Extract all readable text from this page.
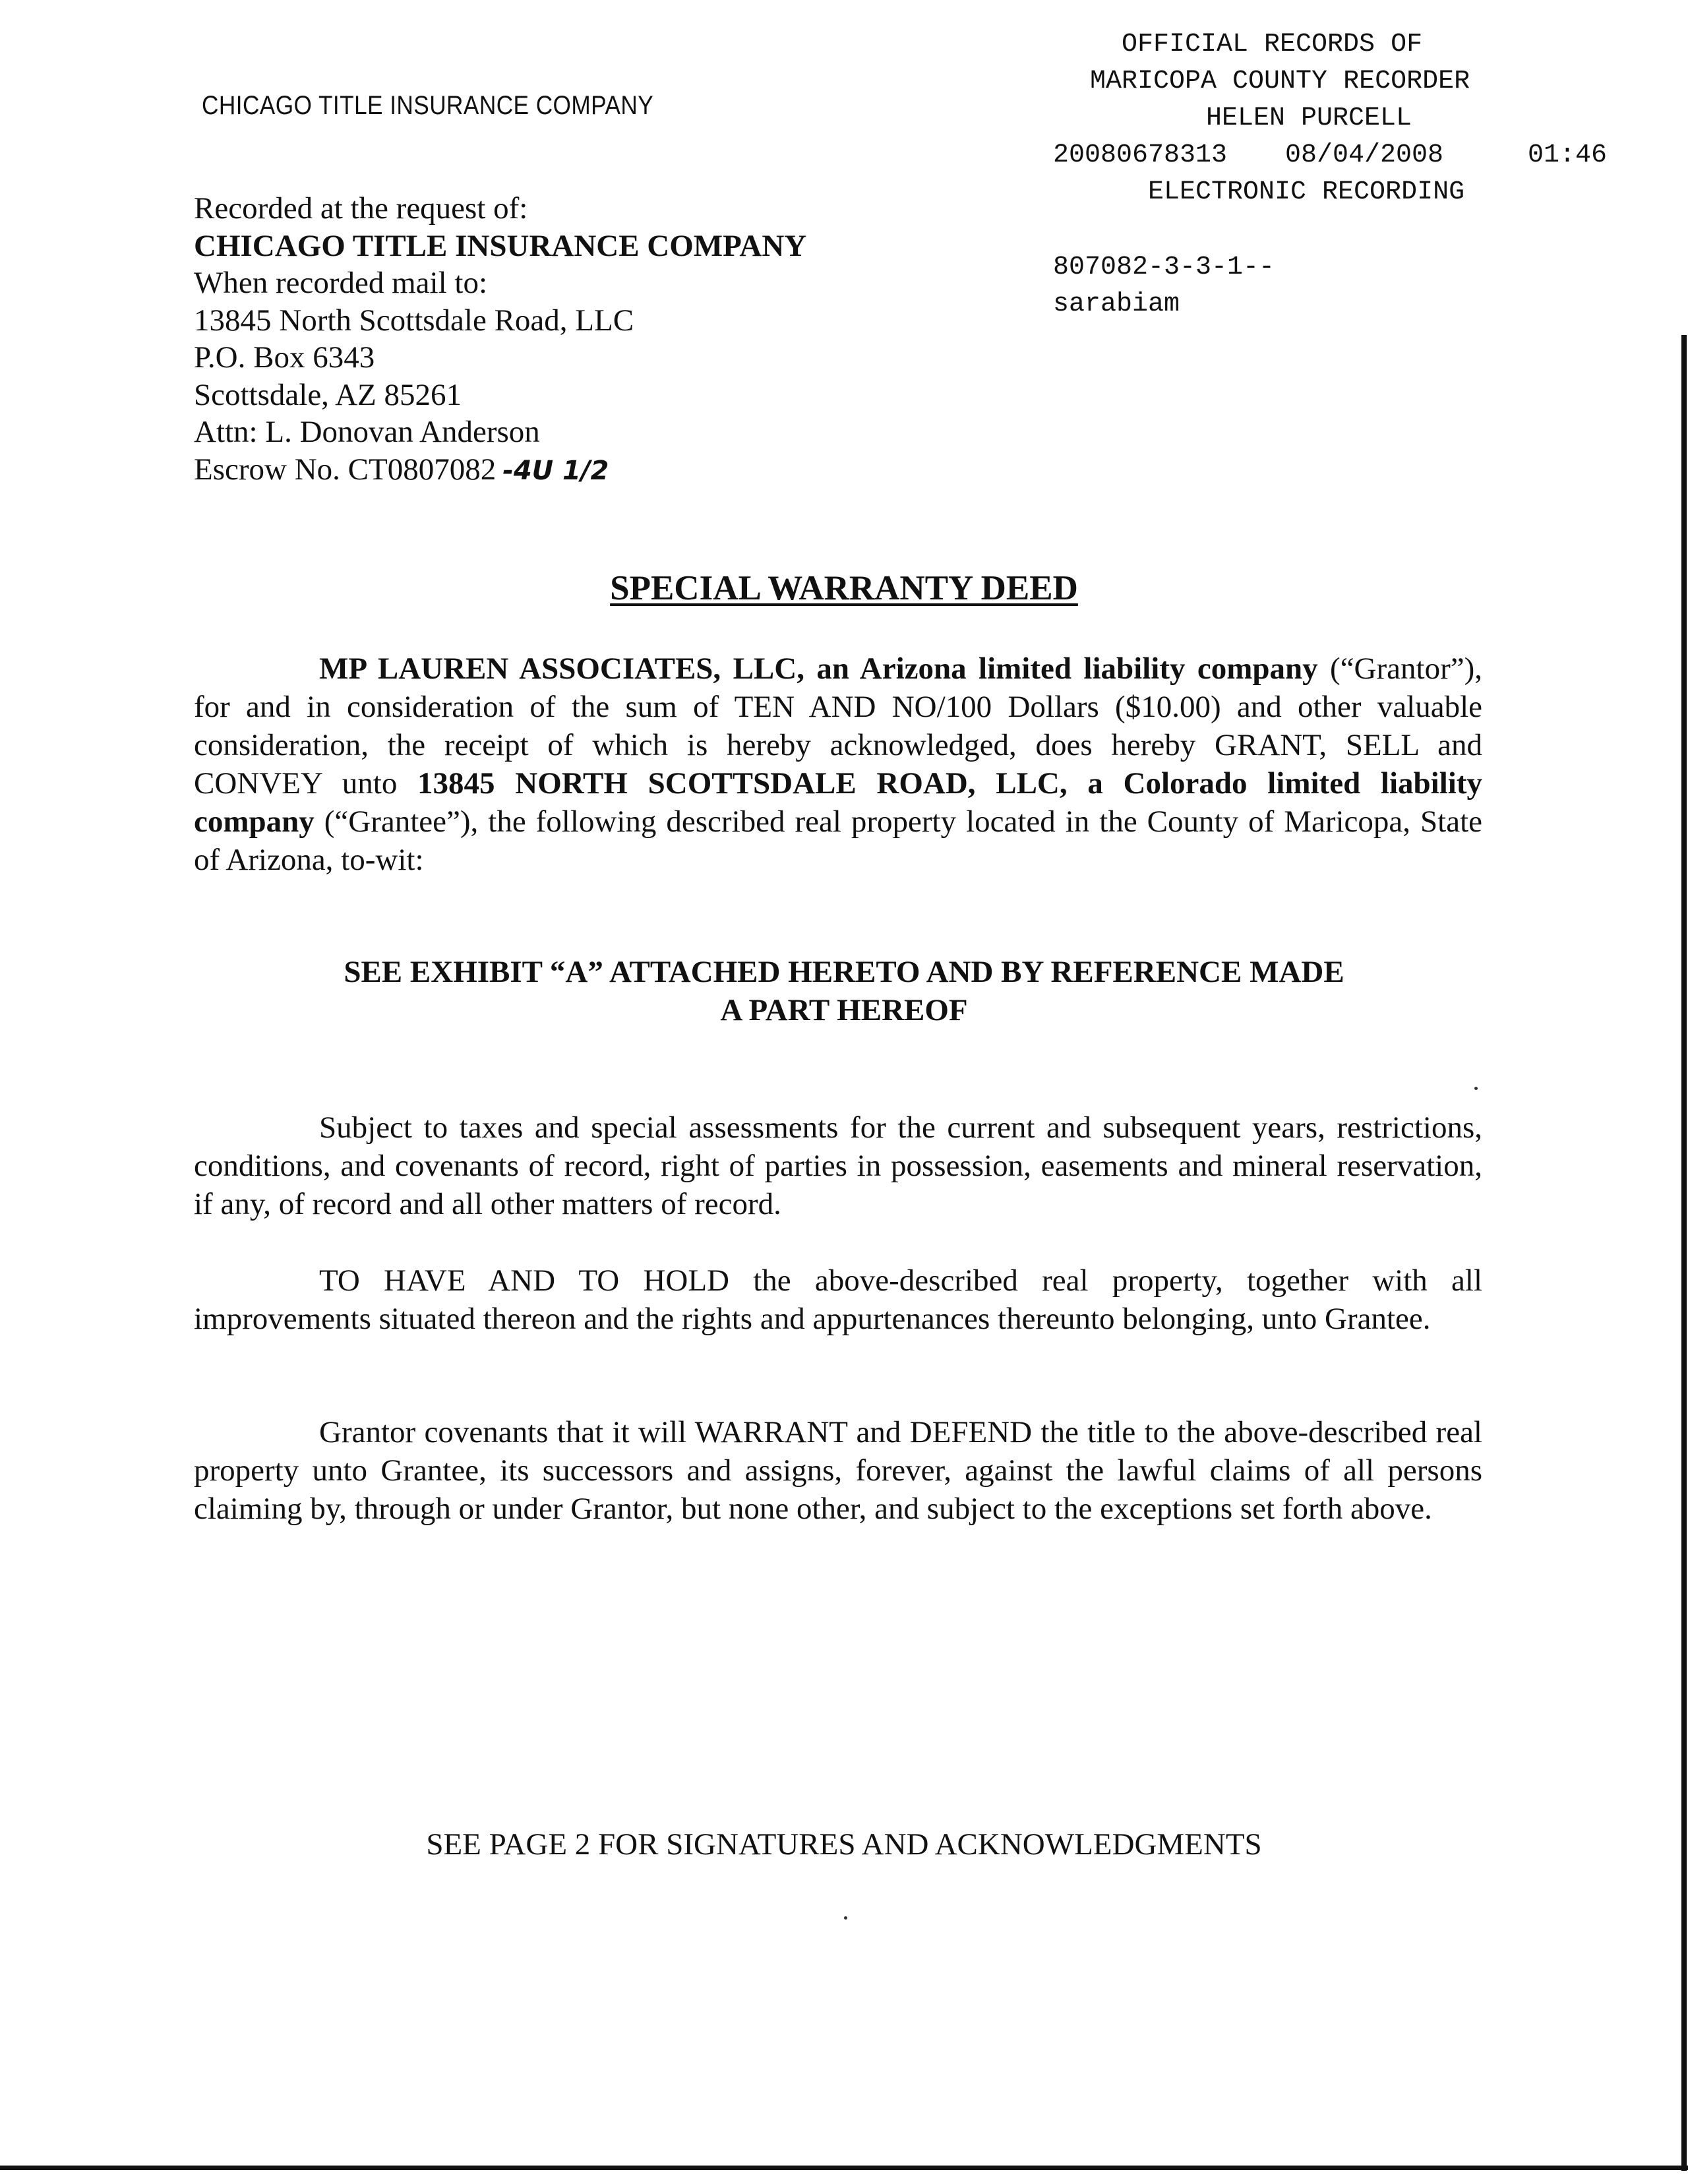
CHICAGO TITLE INSURANCE COMPANY

OFFICIAL RECORDS OF

MARICOPA COUNTY RECORDER

HELEN PURCELL

20080678313

08/04/2008

	01:46

ELECTRONIC RECORDING

807082-3-3-1--

sarabiam

Recorded at the request of:
CHICAGO TITLE INSURANCE COMPANY
When recorded mail to:
13845 North Scottsdale Road, LLC
P.O. Box 6343
Scottsdale, AZ 85261
Attn: L. Donovan Anderson
Escrow No. CT0807082 -4U 1/2
SPECIAL WARRANTY DEED
MP LAUREN ASSOCIATES, LLC, an Arizona limited liability company (“Grantor”), for and in consideration of the sum of TEN AND NO/100 Dollars ($10.00) and other valuable consideration, the receipt of which is hereby acknowledged, does hereby GRANT, SELL and CONVEY unto 13845 NORTH SCOTTSDALE ROAD, LLC, a Colorado limited liability company (“Grantee”), the following described real property located in the County of Maricopa, State of Arizona, to-wit:
SEE EXHIBIT “A” ATTACHED HERETO AND BY REFERENCE MADE
A PART HEREOF
Subject to taxes and special assessments for the current and subsequent years, restrictions, conditions, and covenants of record, right of parties in possession, easements and mineral reservation, if any, of record and all other matters of record.
TO HAVE AND TO HOLD the above-described real property, together with all improvements situated thereon and the rights and appurtenances thereunto belonging, unto Grantee.
Grantor covenants that it will WARRANT and DEFEND the title to the above-described real property unto Grantee, its successors and assigns, forever, against the lawful claims of all persons claiming by, through or under Grantor, but none other, and subject to the exceptions set forth above.
SEE PAGE 2 FOR SIGNATURES AND ACKNOWLEDGMENTS
